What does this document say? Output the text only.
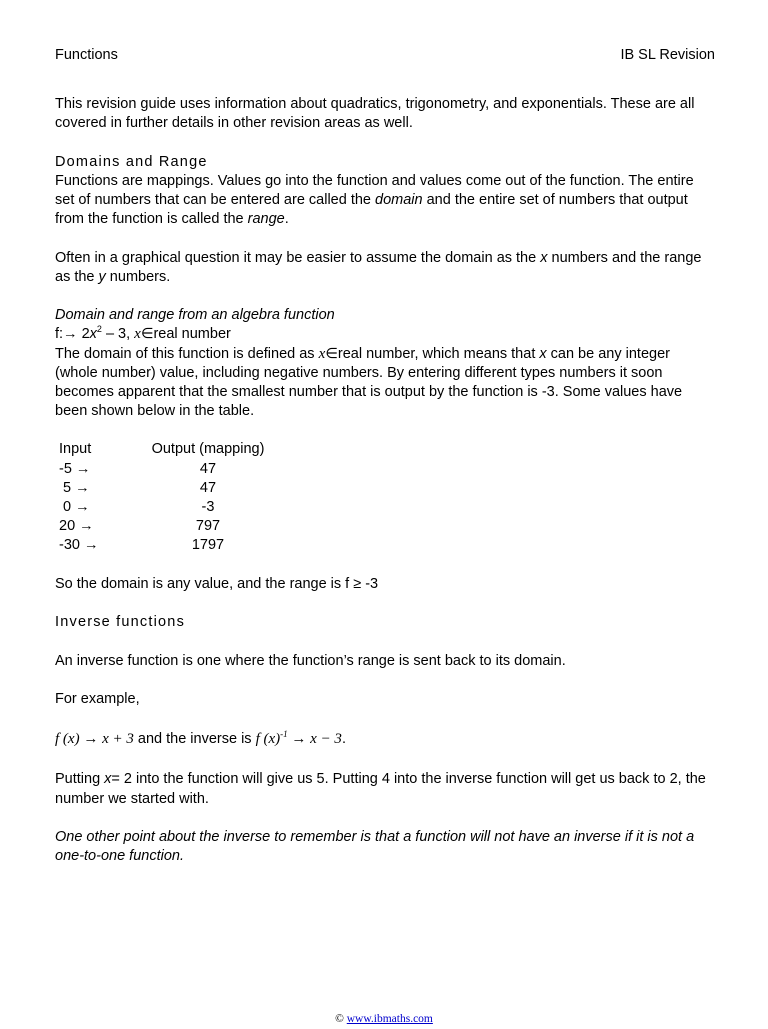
Functions	IB SL Revision

This revision guide uses information about quadratics, trigonometry, and exponentials. These are all covered in further details in other revision areas as well.

Domains and Range

Functions are mappings. Values go into the function and values come out of the function. The entire set of numbers that can be entered are called the domain and the entire set of numbers that output from the function is called the range.

Often in a graphical question it may be easier to assume the domain as the x numbers and the range as the y numbers.

Domain and range from an algebra function

f:→ $2x^2 - 3$, x∈real number

The domain of this function is defined as x∈real number, which means that x can be any integer (whole number) value, including negative numbers. By entering different types numbers it soon becomes apparent that the smallest number that is output by the function is -3. Some values have been shown below in the table.

Input	Output (mapping)
-5 →	47
5 →	47
0 →	-3
20 →	797
-30 →	1797

So the domain is any value, and the range is f ≥ -3

Inverse functions

An inverse function is one where the function’s range is sent back to its domain.

For example,

f (x) → x + 3 and the inverse is f $(x)^{-1} \to x - 3$.

Putting x= 2 into the function will give us 5. Putting 4 into the inverse function will get us back to 2, the number we started with.

One other point about the inverse to remember is that a function will not have an inverse if it is not a one-to-one function.

© www.ibmaths.com
